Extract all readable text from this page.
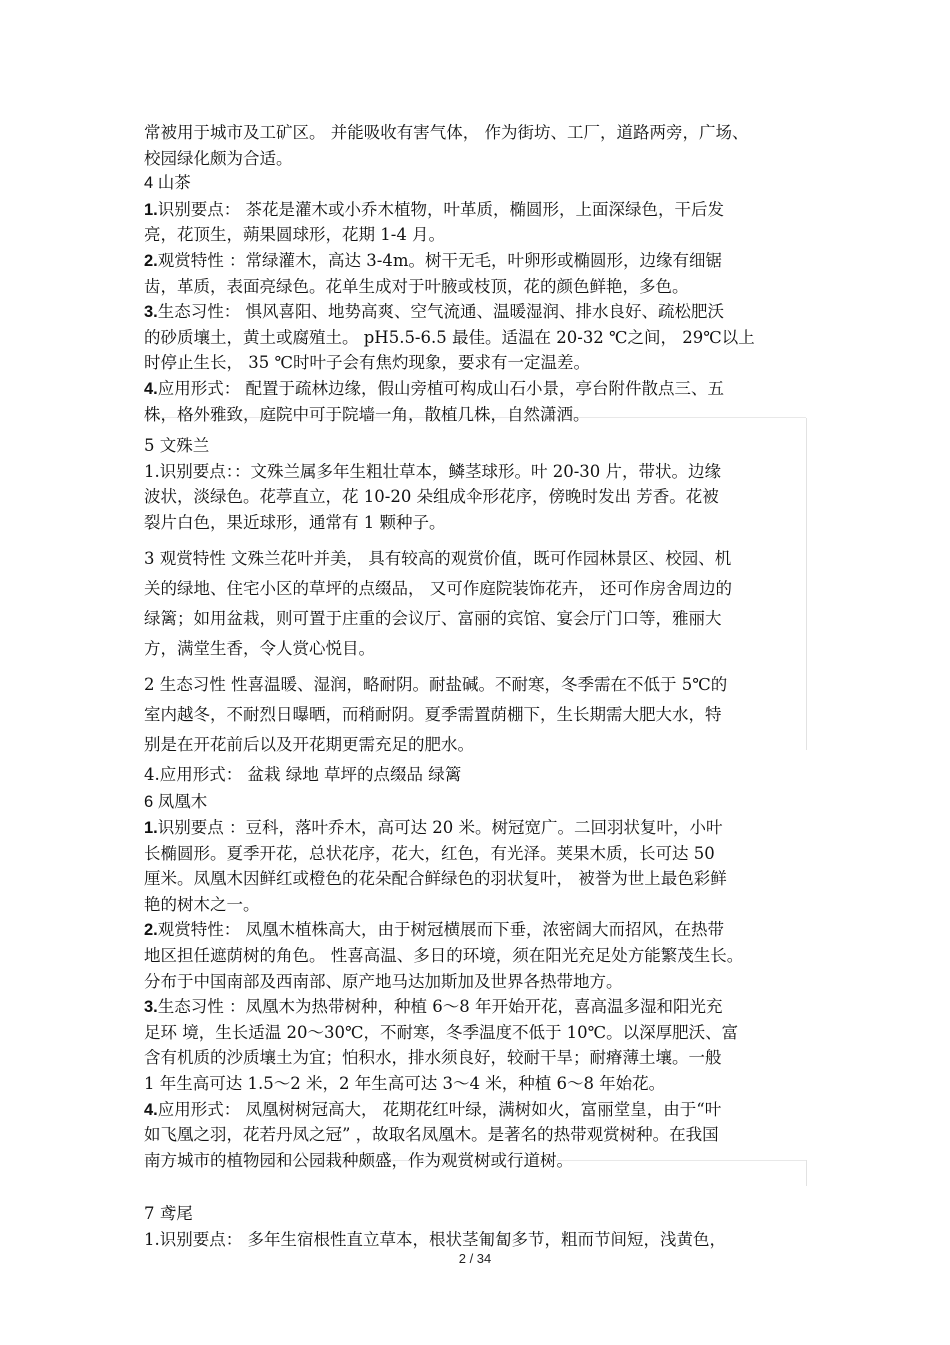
常被用于城市及工矿区。 并能吸收有害气体， 作为街坊、工厂，道路两旁，广场、
校园绿化颇为合适。
4 山茶
1.识别要点： 茶花是灌木或小乔木植物，叶革质，椭圆形，上面深绿色，干后发
亮，花顶生，蒴果圆球形，花期 1-4 月。
2.观赏特性 ：常绿灌木，高达 3-4m。树干无毛，叶卵形或椭圆形，边缘有细锯
齿，革质，表面亮绿色。花单生成对于叶腋或枝顶，花的颜色鲜艳，多色。
3.生态习性： 惧风喜阳、地势高爽、空气流通、温暖湿润、排水良好、疏松肥沃
的砂质壤土，黄土或腐殖土。 pH5.5-6.5 最佳。适温在 20-32 ℃之间， 29℃以上
时停止生长， 35 ℃时叶子会有焦灼现象，要求有一定温差。
4.应用形式： 配置于疏林边缘，假山旁植可构成山石小景，亭台附件散点三、五
株，格外雅致，庭院中可于院墙一角，散植几株，自然潇洒。
5 文殊兰
1.识别要点：：文殊兰属多年生粗壮草本，鳞茎球形。叶 20-30 片，带状。边缘
波状，淡绿色。花葶直立，花 10-20 朵组成伞形花序，傍晚时发出 芳香。花被
裂片白色，果近球形，通常有 1 颗种子。
3 观赏特性 文殊兰花叶并美， 具有较高的观赏价值，既可作园林景区、校园、机
关的绿地、住宅小区的草坪的点缀品， 又可作庭院装饰花卉， 还可作房舍周边的
绿篱；如用盆栽，则可置于庄重的会议厅、富丽的宾馆、宴会厅门口等，雅丽大
方，满堂生香，令人赏心悦目。
2 生态习性 性喜温暖、湿润，略耐阴。耐盐碱。不耐寒，冬季需在不低于 5℃的
室内越冬，不耐烈日曝晒，而稍耐阴。夏季需置荫棚下，生长期需大肥大水，特
别是在开花前后以及开花期更需充足的肥水。
4.应用形式： 盆栽 绿地 草坪的点缀品 绿篱
6 凤凰木
1.识别要点 ：豆科，落叶乔木，高可达 20 米。树冠宽广。二回羽状复叶，小叶
长椭圆形。夏季开花，总状花序，花大，红色，有光泽。荚果木质，长可达 50
厘米。凤凰木因鲜红或橙色的花朵配合鲜绿色的羽状复叶， 被誉为世上最色彩鲜
艳的树木之一。
2.观赏特性： 凤凰木植株高大，由于树冠横展而下垂，浓密阔大而招风，在热带
地区担任遮荫树的角色。 性喜高温、多日的环境，须在阳光充足处方能繁茂生长。
分布于中国南部及西南部、原产地马达加斯加及世界各热带地方。
3.生态习性 ：凤凰木为热带树种，种植 6～8 年开始开花，喜高温多湿和阳光充
足环 境，生长适温 20～30℃，不耐寒，冬季温度不低于 10℃。以深厚肥沃、富
含有机质的沙质壤土为宜；怕积水，排水须良好，较耐干旱；耐瘠薄土壤。一般
1 年生高可达 1.5～2 米，2 年生高可达 3～4 米，种植 6～8 年始花。
4.应用形式： 凤凰树树冠高大， 花期花红叶绿，满树如火，富丽堂皇，由于“叶
如飞凰之羽，花若丹凤之冠” ，故取名凤凰木。是著名的热带观赏树种。在我国
南方城市的植物园和公园栽种颇盛，作为观赏树或行道树。
7 鸢尾
1.识别要点： 多年生宿根性直立草本，根状茎匍匐多节，粗而节间短，浅黄色，
2 / 34
